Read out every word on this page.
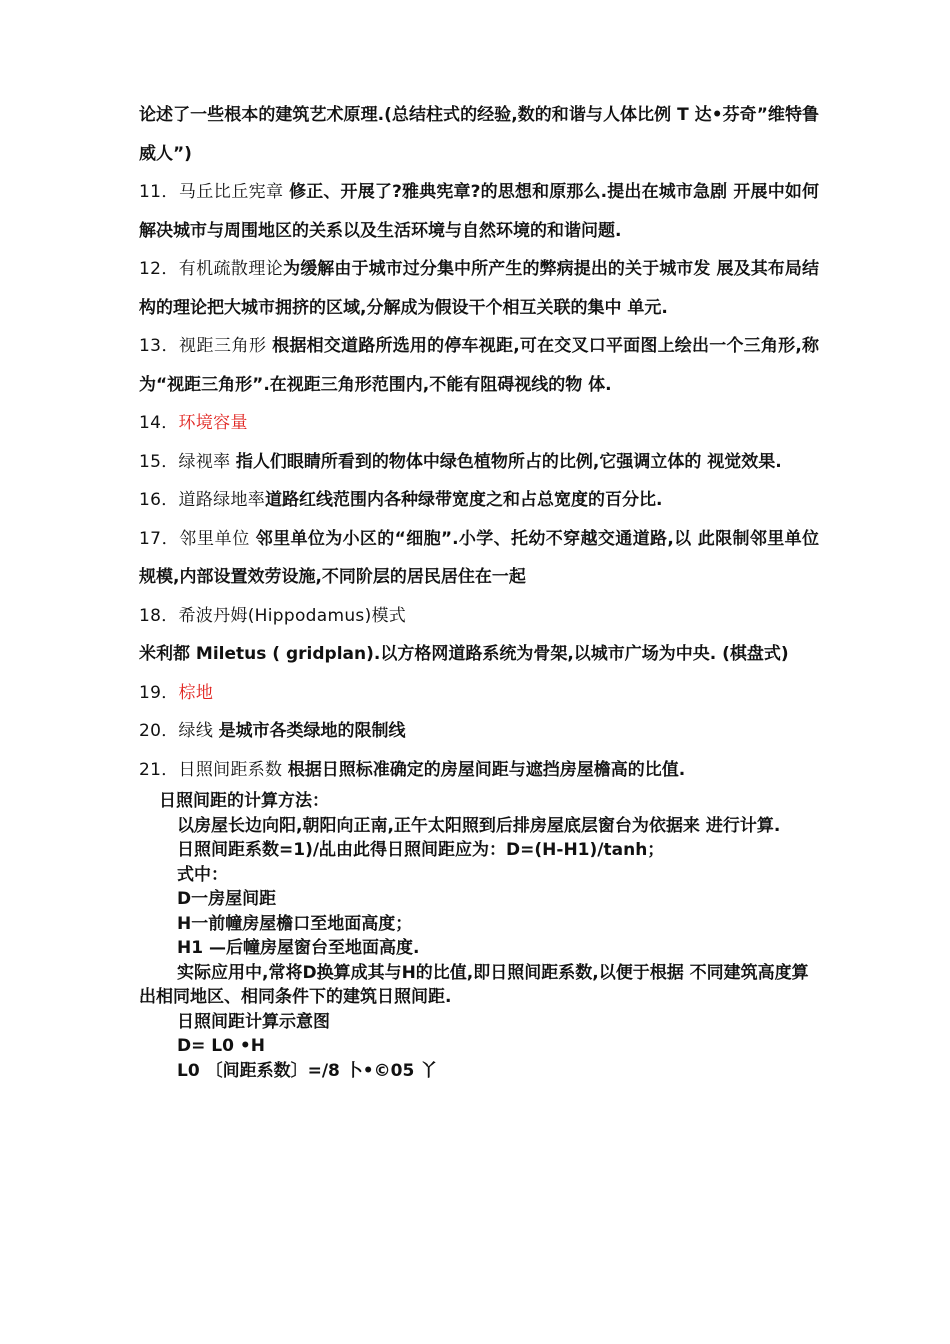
论述了一些根本的建筑艺术原理.(总结柱式的经验,数的和谐与人体比例 T 达•芬奇”维特鲁威人”)

11．马丘比丘宪章 修正、开展了?雅典宪章?的思想和原那么.提出在城市急剧 开展中如何 解决城市与周围地区的关系以及生活环境与自然环境的和谐问题.

12．有机疏散理论为缓解由于城市过分集中所产生的弊病提出的关于城市发 展及其布局结构的理论把大城市拥挤的区域,分解成为假设干个相互关联的集中 单元.

13．视距三角形 根据相交道路所选用的停车视距,可在交叉口平面图上绘出一个三角形,称为“视距三角形”.在视距三角形范围内,不能有阻碍视线的物 体.

14．环境容量

15．绿视率 指人们眼睛所看到的物体中绿色植物所占的比例,它强调立体的 视觉效果.

16．道路绿地率道路红线范围内各种绿带宽度之和占总宽度的百分比.

17．邻里单位 邻里单位为小区的“细胞”.小学、托幼不穿越交通道路,以 此限制邻里单位规模,内部设置效劳设施,不同阶层的居民居住在一起

18．希波丹姆(Hippodamus)模式

米利都 Miletus ( gridplan).以方格网道路系统为骨架,以城市广场为中央. (棋盘式)

19．棕地

20．绿线 是城市各类绿地的限制线

21．日照间距系数 根据日照标准确定的房屋间距与遮挡房屋檐高的比值.

日照间距的计算方法：
以房屋长边向阳,朝阳向正南,正午太阳照到后排房屋底层窗台为依据来 进行计算.
日照间距系数=1)/乩由此得日照间距应为：D=(H-H1)/tanh；
式中：
D一房屋间距
H一前幢房屋檐口至地面高度；
H1 —后幢房屋窗台至地面高度.
实际应用中,常将D换算成其与H的比值,即日照间距系数,以便于根据 不同建筑高度算出相同地区、相同条件下的建筑日照间距.
日照间距计算示意图
D= L0 •H
L0 〔间距系数〕=/8 卜•©05 丫
